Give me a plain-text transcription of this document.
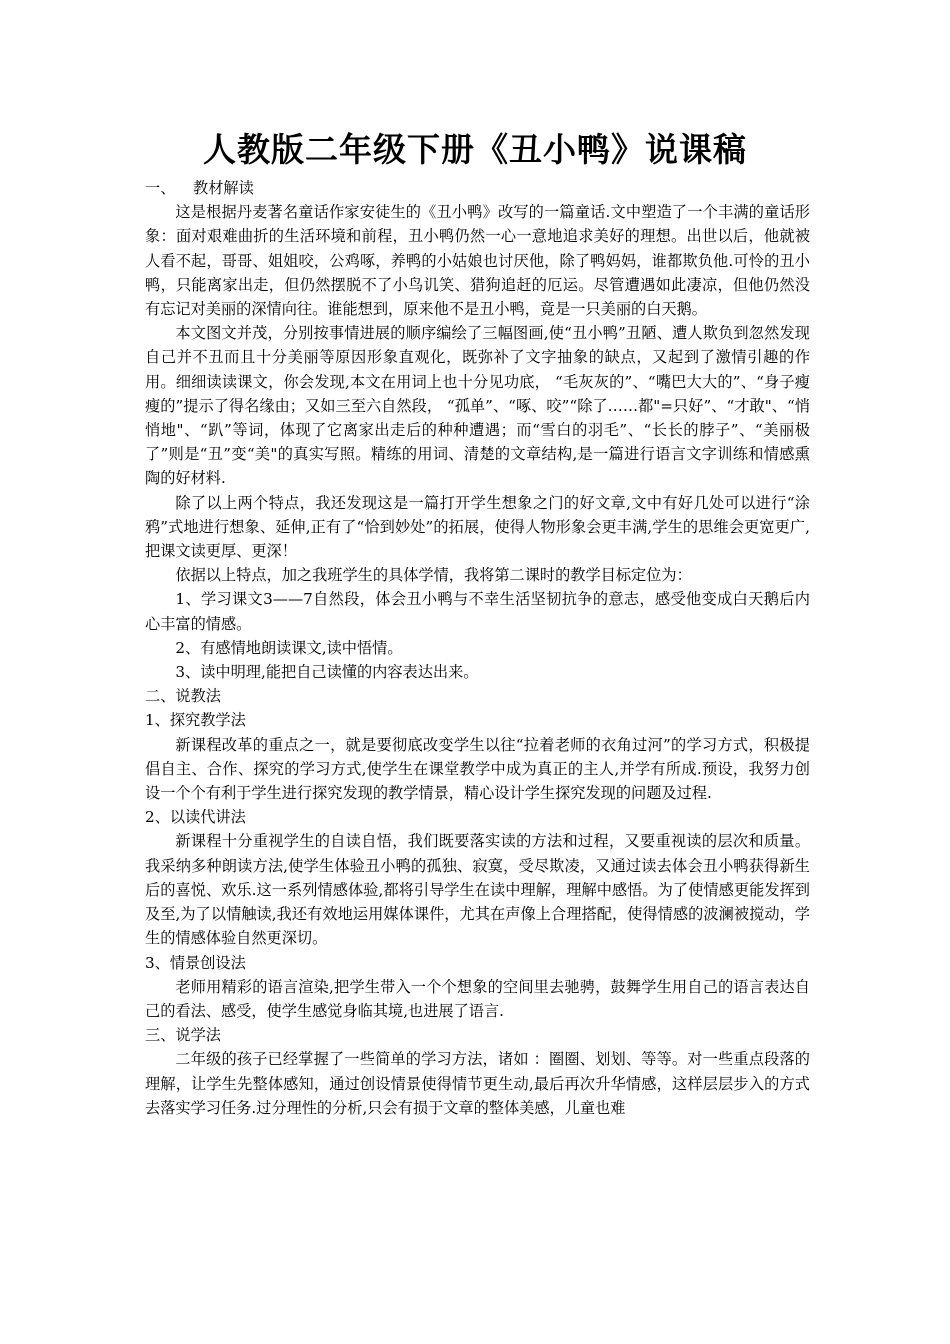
人教版二年级下册《丑小鸭》说课稿

一、 教材解读

这是根据丹麦著名童话作家安徒生的《丑小鸭》改写的一篇童话.文中塑造了一个丰满的童话形象：面对艰难曲折的生活环境和前程，丑小鸭仍然一心一意地追求美好的理想。出世以后，他就被人看不起，哥哥、姐姐咬，公鸡啄，养鸭的小姑娘也讨厌他，除了鸭妈妈，谁都欺负他.可怜的丑小鸭，只能离家出走，但仍然摆脱不了小鸟讥笑、猎狗追赶的厄运。尽管遭遇如此凄凉，但他仍然没有忘记对美丽的深情向往。谁能想到，原来他不是丑小鸭，竟是一只美丽的白天鹅。

本文图文并茂，分别按事情进展的顺序编绘了三幅图画,使“丑小鸭”丑陋、遭人欺负到忽然发现自己并不丑而且十分美丽等原因形象直观化，既弥补了文字抽象的缺点，又起到了激情引趣的作用。细细读读课文，你会发现,本文在用词上也十分见功底， “毛灰灰的”、“嘴巴大大的”、“身子瘦瘦的”提示了得名缘由；又如三至六自然段， “孤单”、“啄、咬”“除了……都"=只好”、“才敢"、“悄悄地"、“趴”等词，体现了它离家出走后的种种遭遇；而“雪白的羽毛”、“长长的脖子”、“美丽极了”则是“丑”变“美"的真实写照。精练的用词、清楚的文章结构,是一篇进行语言文字训练和情感熏陶的好材料.

除了以上两个特点，我还发现这是一篇打开学生想象之门的好文章,文中有好几处可以进行“涂鸦”式地进行想象、延伸,正有了“恰到妙处”的拓展，使得人物形象会更丰满,学生的思维会更宽更广,把课文读更厚、更深！

依据以上特点，加之我班学生的具体学情，我将第二课时的教学目标定位为：

1、学习课文3——7自然段，体会丑小鸭与不幸生活坚韧抗争的意志，感受他变成白天鹅后内心丰富的情感。

2、有感情地朗读课文,读中悟情。

3、读中明理,能把自己读懂的内容表达出来。

二、说教法

1、探究教学法

新课程改革的重点之一，就是要彻底改变学生以往“拉着老师的衣角过河”的学习方式，积极提倡自主、合作、探究的学习方式,使学生在课堂教学中成为真正的主人,并学有所成.预设，我努力创设一个个有利于学生进行探究发现的教学情景，精心设计学生探究发现的问题及过程.

2、以读代讲法

新课程十分重视学生的自读自悟，我们既要落实读的方法和过程，又要重视读的层次和质量。我采纳多种朗读方法,使学生体验丑小鸭的孤独、寂寞，受尽欺凌，又通过读去体会丑小鸭获得新生后的喜悦、欢乐.这一系列情感体验,都将引导学生在读中理解，理解中感悟。为了使情感更能发挥到及至,为了以情触读,我还有效地运用媒体课件，尤其在声像上合理搭配，使得情感的波澜被搅动，学生的情感体验自然更深切。

3、情景创设法

老师用精彩的语言渲染,把学生带入一个个想象的空间里去驰骋，鼓舞学生用自己的语言表达自己的看法、感受，使学生感觉身临其境,也进展了语言.

三、说学法

二年级的孩子已经掌握了一些简单的学习方法，诸如 ：圈圈、划划、等等。对一些重点段落的理解，让学生先整体感知，通过创设情景使得情节更生动,最后再次升华情感，这样层层步入的方式去落实学习任务.过分理性的分析,只会有损于文章的整体美感，儿童也难
